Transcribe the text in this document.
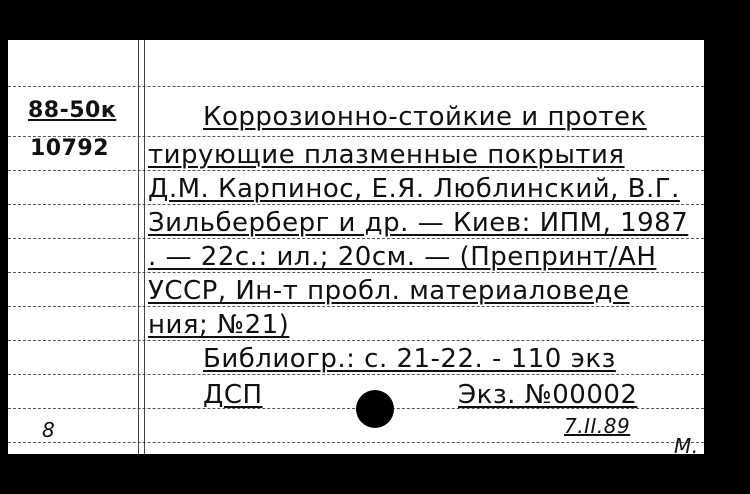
88-50к
10792
Коррозионно-стойкие и протек
тирующие плазменные покрытия
Д.М. Карпинос, Е.Я. Люблинский, В.Г.
Зильберберг и др. — Киев: ИПМ, 1987
. — 22с.: ил.; 20см. — (Препринт/АН
УССР, Ин-т пробл. материаловеде
ния; №21)
Библиогр.: с. 21-22. - 110 экз
ДСП	Экз. №00002
8	7.II.89
M.
